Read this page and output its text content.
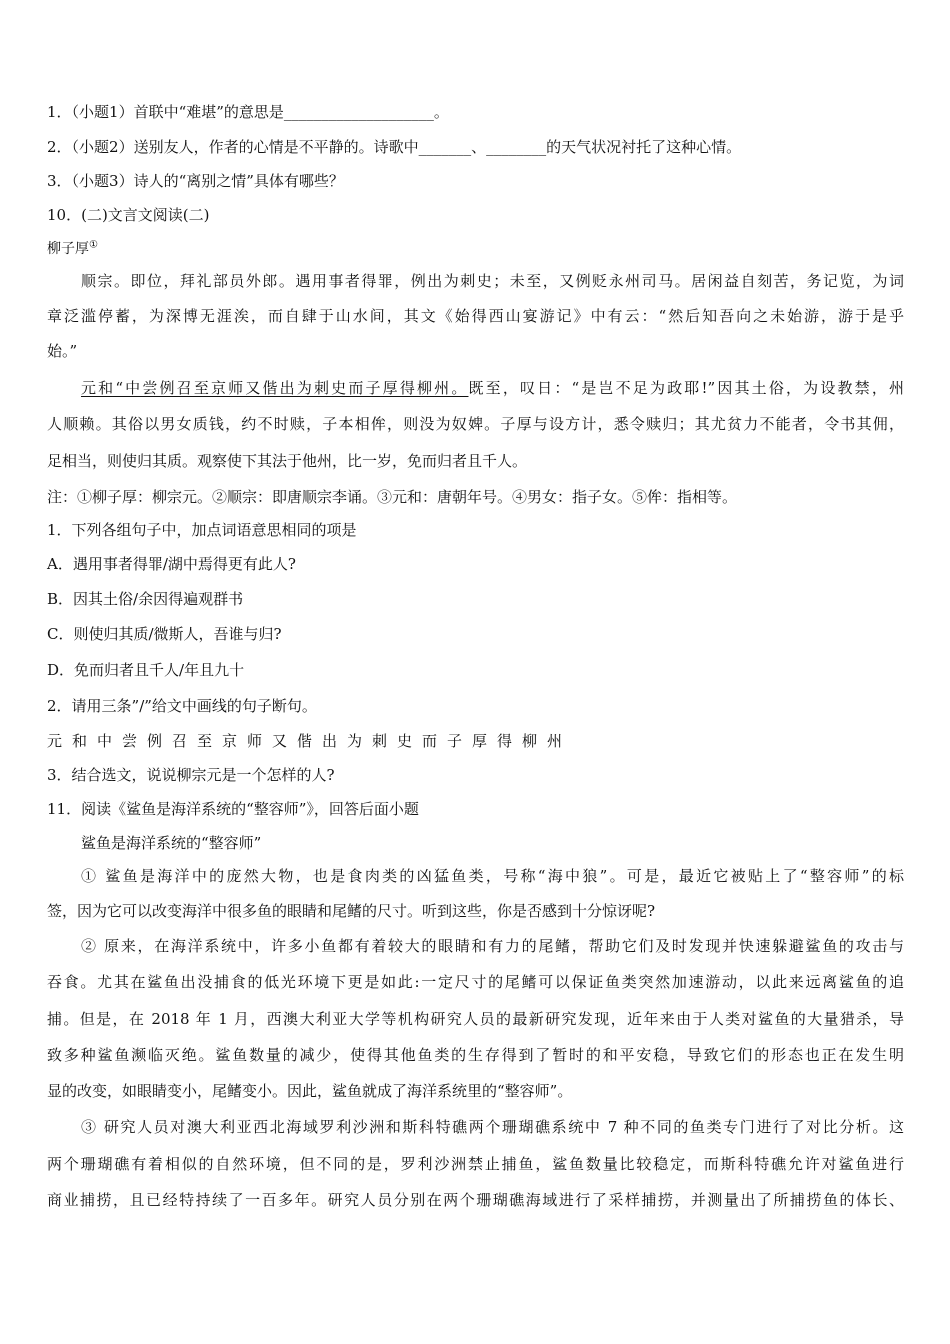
1．（小题1）首联中“难堪”的意思是____________________。
2．（小题2）送别友人，作者的心情是不平静的。诗歌中_______、________的天气状况衬托了这种心情。
3．（小题3）诗人的“离别之情”具体有哪些？
10．(二)文言文阅读(二)
柳子厚①
顺宗。即位，拜礼部员外郎。遇用事者得罪，例出为刺史；未至，又例贬永州司马。居闲益自刻苦，务记览，为词
章泛滥停蓄，为深博无涯涘，而自肆于山水间，其文《始得西山宴游记》中有云：“然后知吾向之未始游，游于是乎
始。”
元和“中尝例召至京师又偕出为刺史而子厚得柳州。既至，叹日：“是岂不足为政耶!”因其土俗，为设教禁，州
人顺赖。其俗以男女质钱，约不时赎，子本相侔，则没为奴婢。子厚与设方计，悉令赎归；其尤贫力不能者，令书其佣，
足相当，则使归其质。观察使下其法于他州，比一岁，免而归者且千人。
注：①柳子厚：柳宗元。②顺宗：即唐顺宗李诵。③元和：唐朝年号。④男女：指子女。⑤侔：指相等。
1．下列各组句子中，加点词语意思相同的项是
A．遇用事者得罪/湖中焉得更有此人?
B．因其土俗/余因得遍观群书
C．则使归其质/微斯人，吾谁与归?
D．免而归者且千人/年且九十
2．请用三条”/”给文中画线的句子断句。
元和中尝例召至京师又偕出为刺史而子厚得柳州
3．结合选文，说说柳宗元是一个怎样的人?
11．阅读《鲨鱼是海洋系统的“整容师”》，回答后面小题
鲨鱼是海洋系统的“整容师”
① 鲨鱼是海洋中的庞然大物，也是食肉类的凶猛鱼类，号称“海中狼”。可是，最近它被贴上了“整容师”的标
签，因为它可以改变海洋中很多鱼的眼睛和尾鳍的尺寸。听到这些，你是否感到十分惊讶呢?
② 原来，在海洋系统中，许多小鱼都有着较大的眼睛和有力的尾鳍，帮助它们及时发现并快速躲避鲨鱼的攻击与
吞食。尤其在鲨鱼出没捕食的低光环境下更是如此:一定尺寸的尾鳍可以保证鱼类突然加速游动，以此来远离鲨鱼的追
捕。但是，在 2018 年 1 月，西澳大利亚大学等机构研究人员的最新研究发现，近年来由于人类对鲨鱼的大量猎杀，导
致多种鲨鱼濒临灭绝。鲨鱼数量的减少，使得其他鱼类的生存得到了暂时的和平安稳，导致它们的形态也正在发生明
显的改变，如眼睛变小，尾鳍变小。因此，鲨鱼就成了海洋系统里的“整容师”。
③ 研究人员对澳大利亚西北海域罗利沙洲和斯科特礁两个珊瑚礁系统中 7 种不同的鱼类专门进行了对比分析。这
两个珊瑚礁有着相似的自然环境，但不同的是，罗利沙洲禁止捕鱼，鲨鱼数量比较稳定，而斯科特礁允许对鲨鱼进行
商业捕捞，且已经特持续了一百多年。研究人员分别在两个珊瑚礁海域进行了采样捕捞，并测量出了所捕捞鱼的体长、
